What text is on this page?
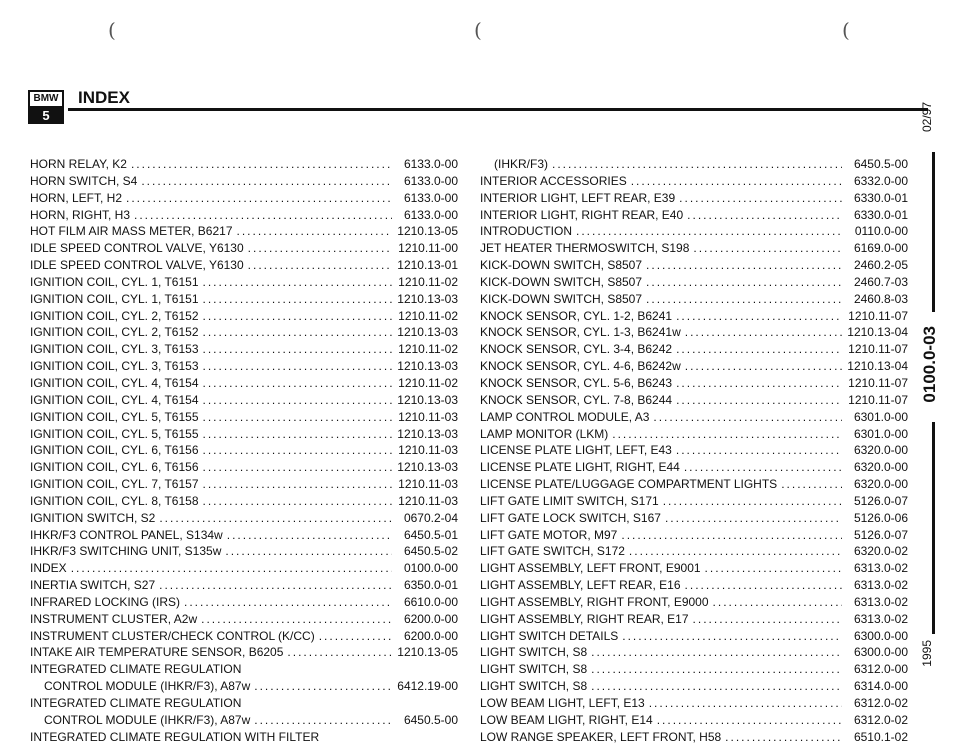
(	(	(
BMW
5
INDEX
HORN RELAY, K2 .....	6133.0-00
HORN SWITCH, S4 .....	6133.0-00
HORN, LEFT, H2 .....	6133.0-00
HORN, RIGHT, H3 .....	6133.0-00
HOT FILM AIR MASS METER, B6217 .....	1210.13-05
IDLE SPEED CONTROL VALVE, Y6130 .....	1210.11-00
IDLE SPEED CONTROL VALVE, Y6130 .....	1210.13-01
IGNITION COIL, CYL. 1, T6151 .....	1210.11-02
IGNITION COIL, CYL. 1, T6151 .....	1210.13-03
IGNITION COIL, CYL. 2, T6152 .....	1210.11-02
IGNITION COIL, CYL. 2, T6152 .....	1210.13-03
IGNITION COIL, CYL. 3, T6153 .....	1210.11-02
IGNITION COIL, CYL. 3, T6153 .....	1210.13-03
IGNITION COIL, CYL. 4, T6154 .....	1210.11-02
IGNITION COIL, CYL. 4, T6154 .....	1210.13-03
IGNITION COIL, CYL. 5, T6155 .....	1210.11-03
IGNITION COIL, CYL. 5, T6155 .....	1210.13-03
IGNITION COIL, CYL. 6, T6156 .....	1210.11-03
IGNITION COIL, CYL. 6, T6156 .....	1210.13-03
IGNITION COIL, CYL. 7, T6157 .....	1210.11-03
IGNITION COIL, CYL. 8, T6158 .....	1210.11-03
IGNITION SWITCH, S2 .....	0670.2-04
IHKR/F3 CONTROL PANEL, S134w .....	6450.5-01
IHKR/F3 SWITCHING UNIT, S135w .....	6450.5-02
INDEX .....	0100.0-00
INERTIA SWITCH, S27 .....	6350.0-01
INFRARED LOCKING (IRS) .....	6610.0-00
INSTRUMENT CLUSTER, A2w .....	6200.0-00
INSTRUMENT CLUSTER/CHECK CONTROL (K/CC) .....	6200.0-00
INTAKE AIR TEMPERATURE SENSOR, B6205 .....	1210.13-05
INTEGRATED CLIMATE REGULATION
CONTROL MODULE (IHKR/F3), A87w .....	6412.19-00
INTEGRATED CLIMATE REGULATION
CONTROL MODULE (IHKR/F3), A87w .....	6450.5-00
INTEGRATED CLIMATE REGULATION WITH FILTER
(IHKR/F3) .....	6450.5-00
INTERIOR ACCESSORIES .....	6332.0-00
INTERIOR LIGHT, LEFT REAR, E39 .....	6330.0-01
INTERIOR LIGHT, RIGHT REAR, E40 .....	6330.0-01
INTRODUCTION .....	0110.0-00
JET HEATER THERMOSWITCH, S198 .....	6169.0-00
KICK-DOWN SWITCH, S8507 .....	2460.2-05
KICK-DOWN SWITCH, S8507 .....	2460.7-03
KICK-DOWN SWITCH, S8507 .....	2460.8-03
KNOCK SENSOR, CYL. 1-2, B6241 .....	1210.11-07
KNOCK SENSOR, CYL. 1-3, B6241w .....	1210.13-04
KNOCK SENSOR, CYL. 3-4, B6242 .....	1210.11-07
KNOCK SENSOR, CYL. 4-6, B6242w .....	1210.13-04
KNOCK SENSOR, CYL. 5-6, B6243 .....	1210.11-07
KNOCK SENSOR, CYL. 7-8, B6244 .....	1210.11-07
LAMP CONTROL MODULE, A3 .....	6301.0-00
LAMP MONITOR (LKM) .....	6301.0-00
LICENSE PLATE LIGHT, LEFT, E43 .....	6320.0-00
LICENSE PLATE LIGHT, RIGHT, E44 .....	6320.0-00
LICENSE PLATE/LUGGAGE COMPARTMENT LIGHTS .....	6320.0-00
LIFT GATE LIMIT SWITCH, S171 .....	5126.0-07
LIFT GATE LOCK SWITCH, S167 .....	5126.0-06
LIFT GATE MOTOR, M97 .....	5126.0-07
LIFT GATE SWITCH, S172 .....	6320.0-02
LIGHT ASSEMBLY, LEFT FRONT, E9001 .....	6313.0-02
LIGHT ASSEMBLY, LEFT REAR, E16 .....	6313.0-02
LIGHT ASSEMBLY, RIGHT FRONT, E9000 .....	6313.0-02
LIGHT ASSEMBLY, RIGHT REAR, E17 .....	6313.0-02
LIGHT SWITCH DETAILS .....	6300.0-00
LIGHT SWITCH, S8 .....	6300.0-00
LIGHT SWITCH, S8 .....	6312.0-00
LIGHT SWITCH, S8 .....	6314.0-00
LOW BEAM LIGHT, LEFT, E13 .....	6312.0-02
LOW BEAM LIGHT, RIGHT, E14 .....	6312.0-02
LOW RANGE SPEAKER, LEFT FRONT, H58 .....	6510.1-02
02/97
0100.0-03
1995
